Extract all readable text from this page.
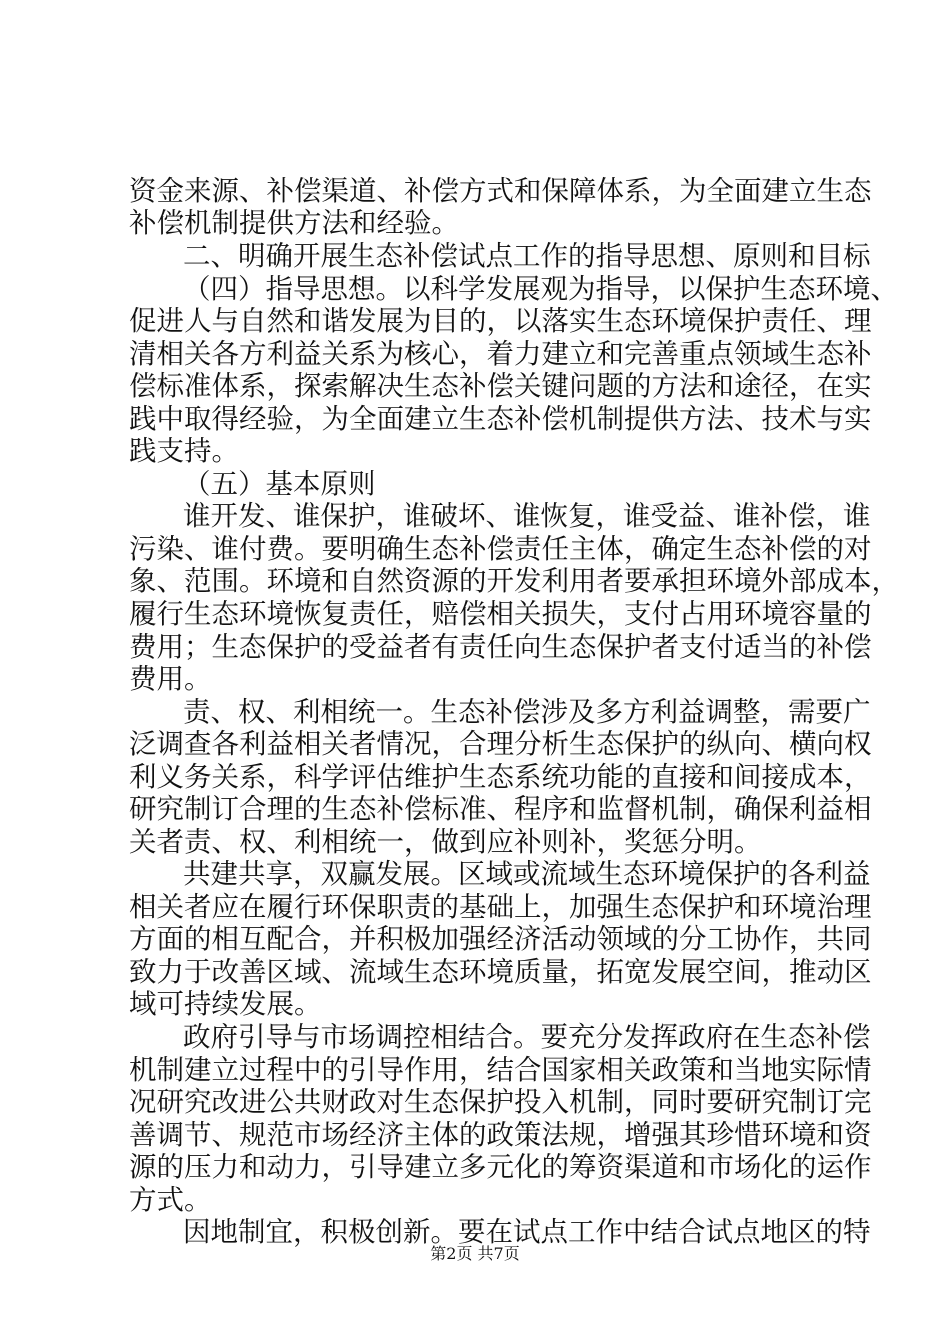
资金来源、补偿渠道、补偿方式和保障体系，为全面建立生态

补偿机制提供方法和经验。

二、明确开展生态补偿试点工作的指导思想、原则和目标

（四）指导思想。以科学发展观为指导，以保护生态环境、

促进人与自然和谐发展为目的，以落实生态环境保护责任、理

清相关各方利益关系为核心，着力建立和完善重点领域生态补

偿标准体系，探索解决生态补偿关键问题的方法和途径，在实

践中取得经验，为全面建立生态补偿机制提供方法、技术与实

践支持。

（五）基本原则

谁开发、谁保护，谁破坏、谁恢复，谁受益、谁补偿，谁

污染、谁付费。要明确生态补偿责任主体，确定生态补偿的对

象、范围。环境和自然资源的开发利用者要承担环境外部成本，

履行生态环境恢复责任，赔偿相关损失，支付占用环境容量的

费用；生态保护的受益者有责任向生态保护者支付适当的补偿

费用。

责、权、利相统一。生态补偿涉及多方利益调整，需要广

泛调查各利益相关者情况，合理分析生态保护的纵向、横向权

利义务关系，科学评估维护生态系统功能的直接和间接成本，

研究制订合理的生态补偿标准、程序和监督机制，确保利益相

关者责、权、利相统一，做到应补则补，奖惩分明。

共建共享，双赢发展。区域或流域生态环境保护的各利益

相关者应在履行环保职责的基础上，加强生态保护和环境治理

方面的相互配合，并积极加强经济活动领域的分工协作，共同

致力于改善区域、流域生态环境质量，拓宽发展空间，推动区

域可持续发展。

政府引导与市场调控相结合。要充分发挥政府在生态补偿

机制建立过程中的引导作用，结合国家相关政策和当地实际情

况研究改进公共财政对生态保护投入机制，同时要研究制订完

善调节、规范市场经济主体的政策法规，增强其珍惜环境和资

源的压力和动力，引导建立多元化的筹资渠道和市场化的运作

方式。

因地制宜，积极创新。要在试点工作中结合试点地区的特

第2页 共7页
